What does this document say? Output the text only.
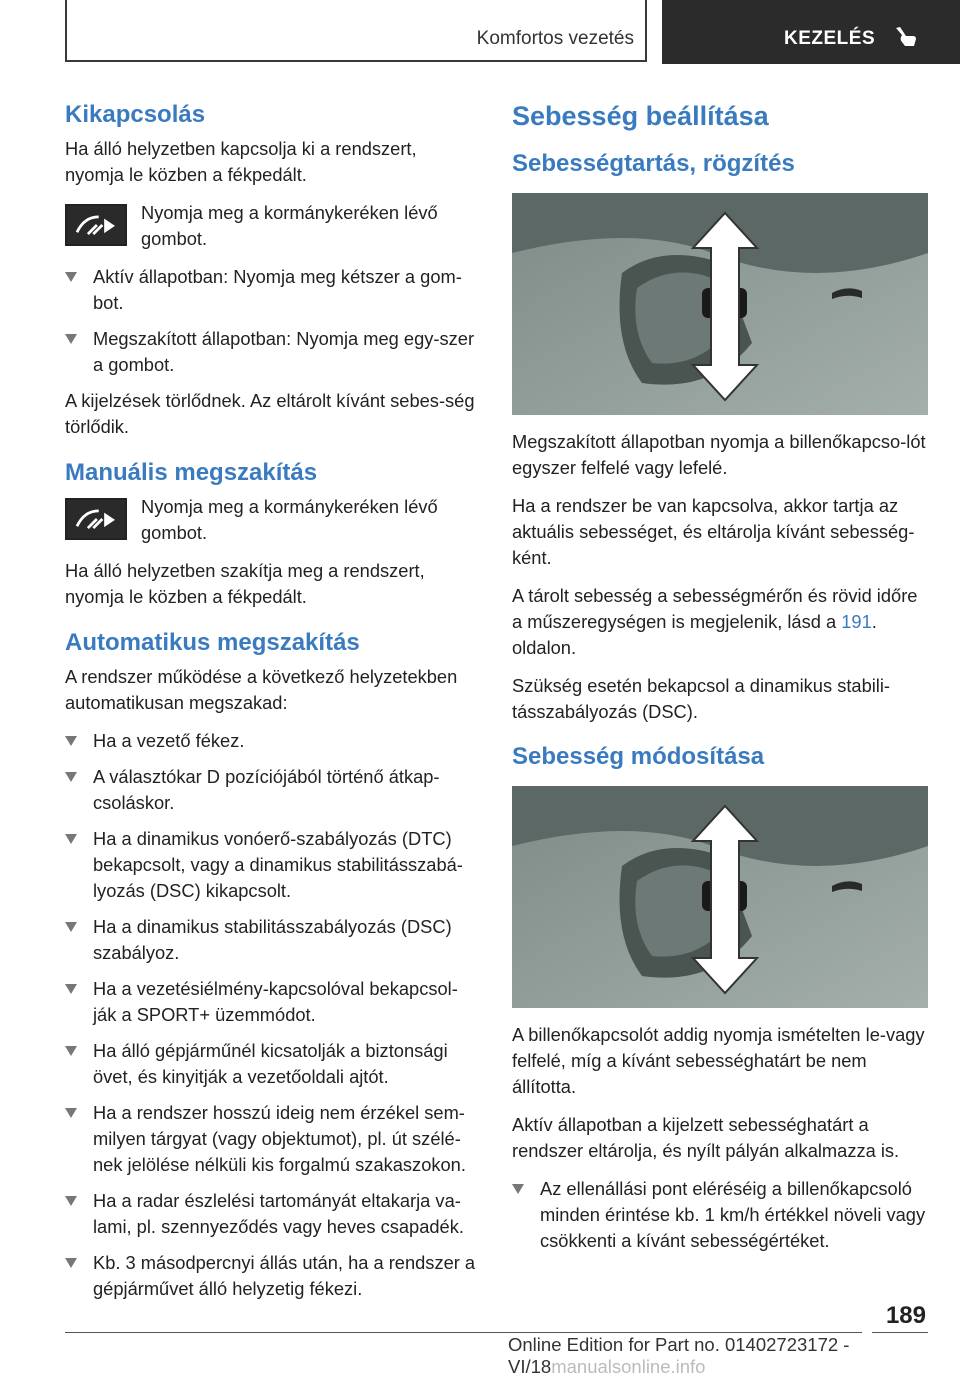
Komfortos vezetés	KEZELÉS
Kikapcsolás

Ha álló helyzetben kapcsolja ki a rendszert, nyomja le közben a fékpedált.

Nyomja meg a kormánykeréken lévő gombot.

Aktív állapotban: Nyomja meg kétszer a gom-bot.
Megszakított állapotban: Nyomja meg egy-szer a gombot.

A kijelzések törlődnek. Az eltárolt kívánt sebes-ség törlődik.

Manuális megszakítás

Nyomja meg a kormánykeréken lévő gombot.

Ha álló helyzetben szakítja meg a rendszert, nyomja le közben a fékpedált.

Automatikus megszakítás

A rendszer működése a következő helyzetekben automatikusan megszakad:

Ha a vezető fékez.
A választókar D pozíciójából történő átkap-csoláskor.
Ha a dinamikus vonóerő-szabályozás (DTC) bekapcsolt, vagy a dinamikus stabilitásszabá-lyozás (DSC) kikapcsolt.
Ha a dinamikus stabilitásszabályozás (DSC) szabályoz.
Ha a vezetésiélmény-kapcsolóval bekapcsol-ják a SPORT+ üzemmódot.
Ha álló gépjárműnél kicsatolják a biztonsági övet, és kinyitják a vezetőoldali ajtót.
Ha a rendszer hosszú ideig nem érzékel sem-milyen tárgyat (vagy objektumot), pl. út szélé-nek jelölése nélküli kis forgalmú szakaszokon.
Ha a radar észlelési tartományát eltakarja va-lami, pl. szennyeződés vagy heves csapadék.
Kb. 3 másodpercnyi állás után, ha a rendszer a gépjárművet álló helyzetig fékezi.
Sebesség beállítása
Sebességtartás, rögzítés

Megszakított állapotban nyomja a billenőkapcso-lót egyszer felfelé vagy lefelé.

Ha a rendszer be van kapcsolva, akkor tartja az aktuális sebességet, és eltárolja kívánt sebesség-ként.

A tárolt sebesség a sebességmérőn és rövid időre a műszeregységen is megjelenik, lásd a 191. oldalon.

Szükség esetén bekapcsol a dinamikus stabili-tásszabályozás (DSC).

Sebesség módosítása

A billenőkapcsolót addig nyomja ismételten le-vagy felfelé, míg a kívánt sebességhatárt be nem állította.

Aktív állapotban a kijelzett sebességhatárt a rendszer eltárolja, és nyílt pályán alkalmazza is.

Az ellenállási pont eléréséig a billenőkapcsoló minden érintése kb. 1 km/h értékkel növeli vagy csökkenti a kívánt sebességértéket.
189
Online Edition for Part no. 01402723172 - VI/18manualsonline.info
